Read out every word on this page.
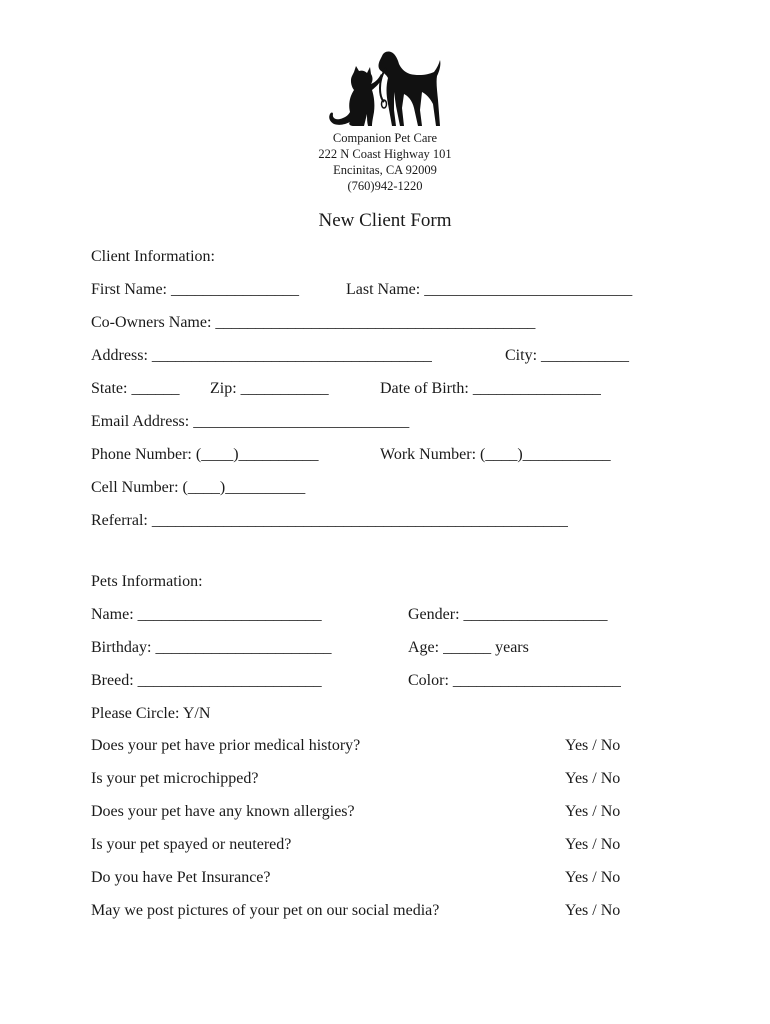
Companion Pet Care
222 N Coast Highway 101
Encinitas, CA 92009
(760)942-1220
New Client Form
Client Information:
First Name: ________________	Last Name: __________________________
Co-Owners Name: ________________________________________
Address: ___________________________________	City: ___________
State: ______ Zip: ___________	Date of Birth: ________________
Email Address: ___________________________
Phone Number: (____)__________	Work Number: (____)___________
Cell Number: (____)__________
Referral: ____________________________________________________
Pets Information:
Name: _______________________	Gender: __________________
Birthday: ______________________	Age: ______ years
Breed: _______________________	Color: _____________________
Please Circle: Y/N
Does your pet have prior medical history?	Yes / No
Is your pet microchipped?	Yes / No
Does your pet have any known allergies?	Yes / No
Is your pet spayed or neutered?	Yes / No
Do you have Pet Insurance?	Yes / No
May we post pictures of your pet on our social media?	Yes / No
